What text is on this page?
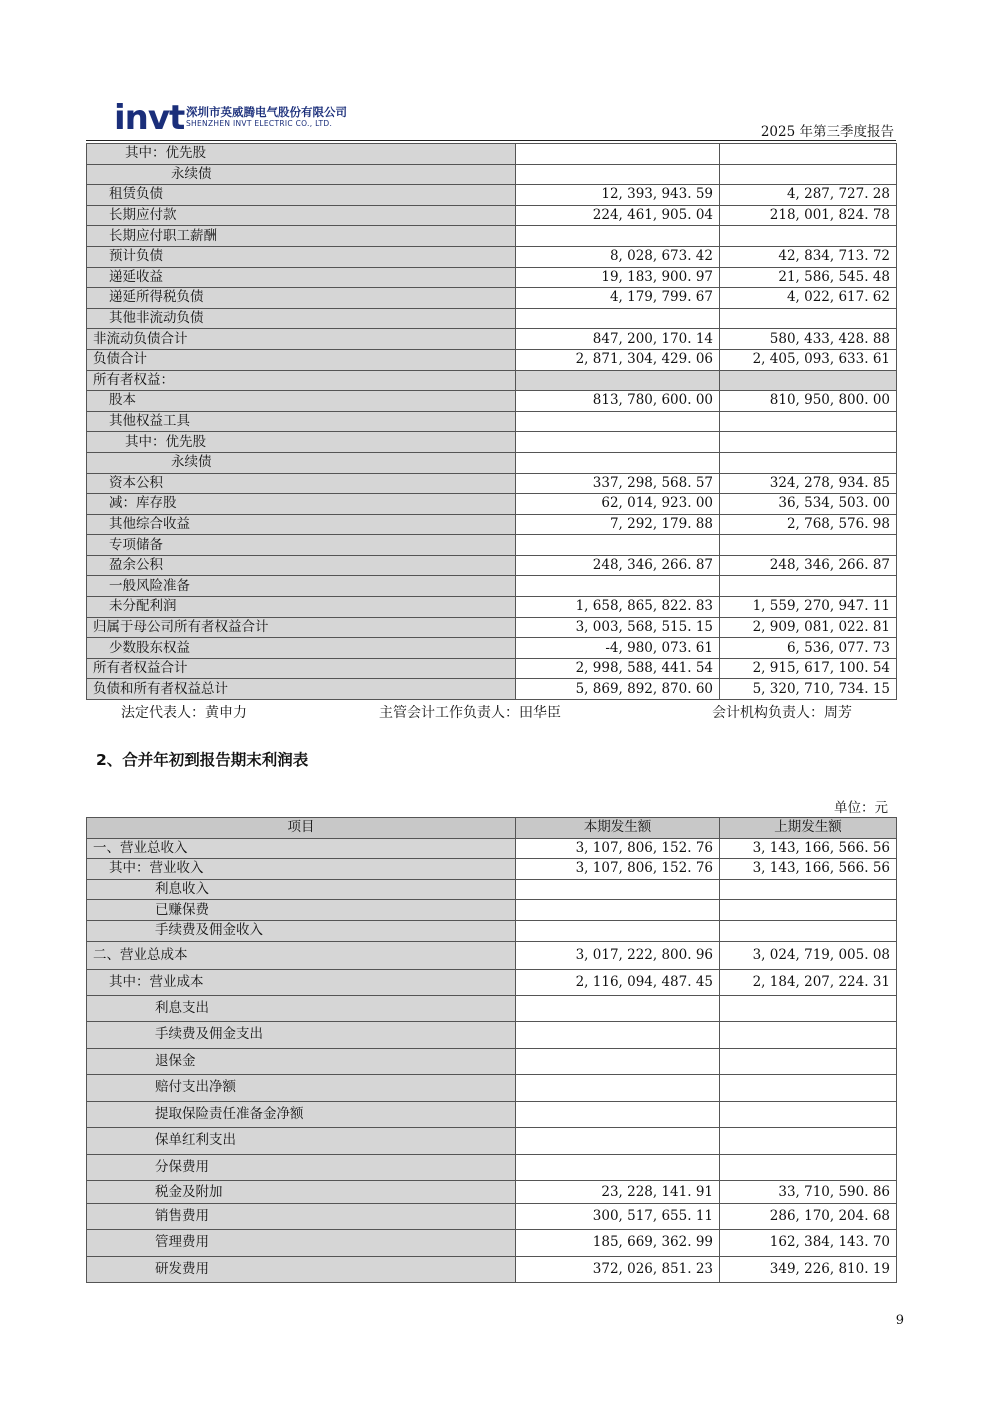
invt 深圳市英威腾电气股份有限公司
SHENZHEN INVT ELECTRIC CO., LTD.
2025 年第三季度报告
其中：优先股		
永续债		
租赁负债	12, 393, 943. 59	4, 287, 727. 28
长期应付款	224, 461, 905. 04	218, 001, 824. 78
长期应付职工薪酬		
预计负债	8, 028, 673. 42	42, 834, 713. 72
递延收益	19, 183, 900. 97	21, 586, 545. 48
递延所得税负债	4, 179, 799. 67	4, 022, 617. 62
其他非流动负债		
非流动负债合计	847, 200, 170. 14	580, 433, 428. 88
负债合计	2, 871, 304, 429. 06	2, 405, 093, 633. 61
所有者权益：		
股本	813, 780, 600. 00	810, 950, 800. 00
其他权益工具		
其中：优先股		
永续债		
资本公积	337, 298, 568. 57	324, 278, 934. 85
减：库存股	62, 014, 923. 00	36, 534, 503. 00
其他综合收益	7, 292, 179. 88	2, 768, 576. 98
专项储备		
盈余公积	248, 346, 266. 87	248, 346, 266. 87
一般风险准备		
未分配利润	1, 658, 865, 822. 83	1, 559, 270, 947. 11
归属于母公司所有者权益合计	3, 003, 568, 515. 15	2, 909, 081, 022. 81
少数股东权益	-4, 980, 073. 61	6, 536, 077. 73
所有者权益合计	2, 998, 588, 441. 54	2, 915, 617, 100. 54
负债和所有者权益总计	5, 869, 892, 870. 60	5, 320, 710, 734. 15
法定代表人：黄申力	主管会计工作负责人：田华臣	会计机构负责人：周芳
2、合并年初到报告期末利润表
单位：元
项目	本期发生额	上期发生额
一、营业总收入	3, 107, 806, 152. 76	3, 143, 166, 566. 56
其中：营业收入	3, 107, 806, 152. 76	3, 143, 166, 566. 56
利息收入		
已赚保费		
手续费及佣金收入		
二、营业总成本	3, 017, 222, 800. 96	3, 024, 719, 005. 08
其中：营业成本	2, 116, 094, 487. 45	2, 184, 207, 224. 31
利息支出		
手续费及佣金支出		
退保金		
赔付支出净额		
提取保险责任准备金净额		
保单红利支出		
分保费用		
税金及附加	23, 228, 141. 91	33, 710, 590. 86
销售费用	300, 517, 655. 11	286, 170, 204. 68
管理费用	185, 669, 362. 99	162, 384, 143. 70
研发费用	372, 026, 851. 23	349, 226, 810. 19
9
